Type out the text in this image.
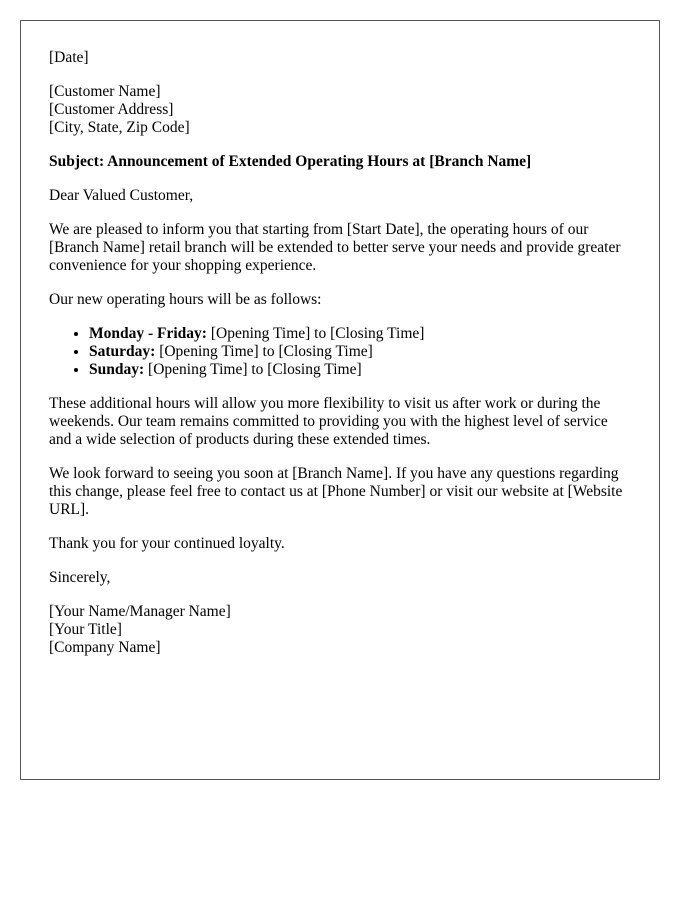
[Date]

[Customer Name]
[Customer Address]
[City, State, Zip Code]

Subject: Announcement of Extended Operating Hours at [Branch Name]

Dear Valued Customer,

We are pleased to inform you that starting from [Start Date], the operating hours of our [Branch Name] retail branch will be extended to better serve your needs and provide greater convenience for your shopping experience.

Our new operating hours will be as follows:

• Monday - Friday: [Opening Time] to [Closing Time]
• Saturday: [Opening Time] to [Closing Time]
• Sunday: [Opening Time] to [Closing Time]

These additional hours will allow you more flexibility to visit us after work or during the weekends. Our team remains committed to providing you with the highest level of service and a wide selection of products during these extended times.

We look forward to seeing you soon at [Branch Name]. If you have any questions regarding this change, please feel free to contact us at [Phone Number] or visit our website at [Website URL].

Thank you for your continued loyalty.

Sincerely,

[Your Name/Manager Name]
[Your Title]
[Company Name]
